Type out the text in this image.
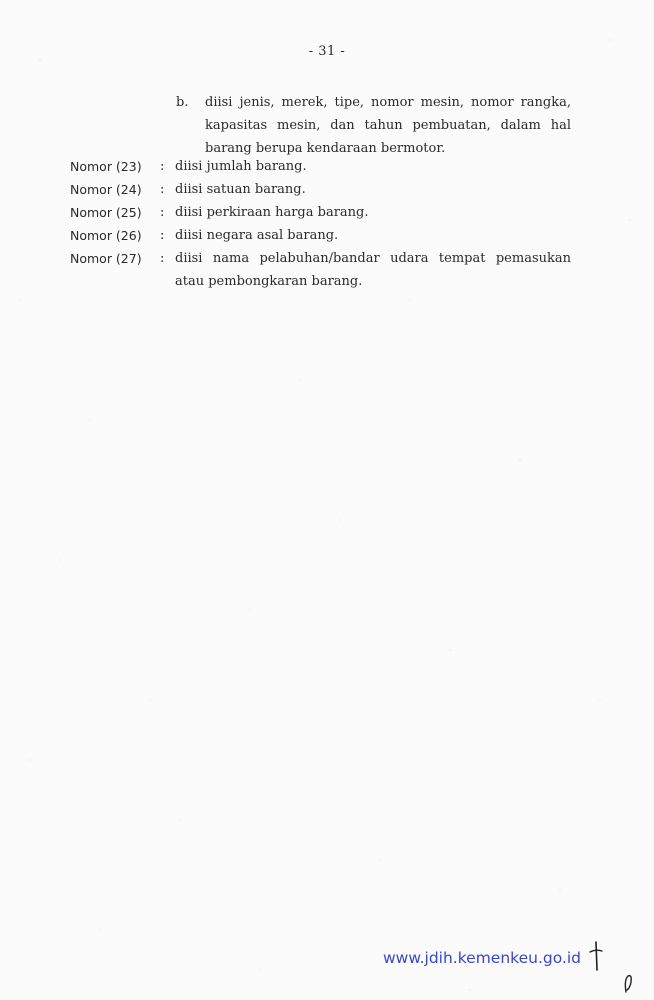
- 31 -
b. diisi jenis, merek, tipe, nomor mesin, nomor rangka, kapasitas mesin, dan tahun pembuatan, dalam hal barang berupa kendaraan bermotor.
Nomor (23) : diisi jumlah barang.
Nomor (24) : diisi satuan barang.
Nomor (25) : diisi perkiraan harga barang.
Nomor (26) : diisi negara asal barang.
Nomor (27) : diisi nama pelabuhan/bandar udara tempat pemasukan atau pembongkaran barang.
www.jdih.kemenkeu.go.id
